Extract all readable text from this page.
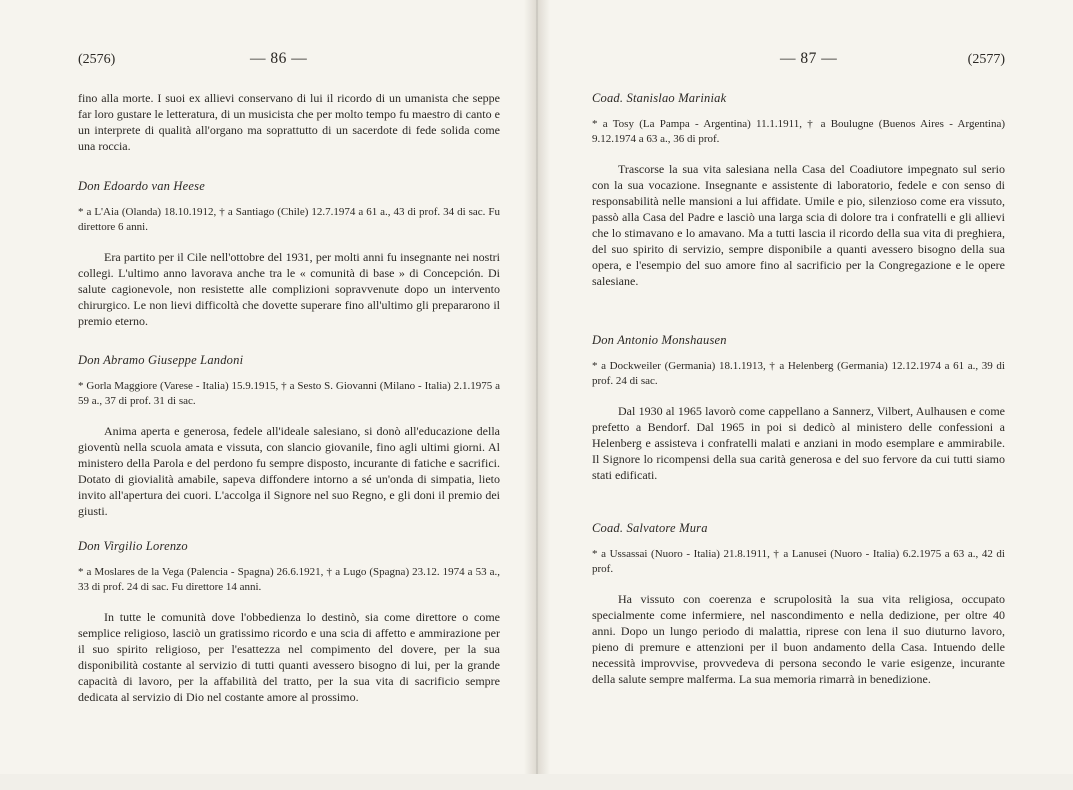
(2576)	— 86 —

fino alla morte. I suoi ex allievi conservano di lui il ricordo di un umanista che seppe far loro gustare le letteratura, di un musicista che per molto tempo fu maestro di canto e un interprete di qualità all'organo ma soprattutto di un sacerdote di fede solida come una roccia.

Don Edoardo van Heese

* a L'Aia (Olanda) 18.10.1912, † a Santiago (Chile) 12.7.1974 a 61 a., 43 di prof. 34 di sac. Fu direttore 6 anni.

Era partito per il Cile nell'ottobre del 1931, per molti anni fu insegnante nei nostri collegi. L'ultimo anno lavorava anche tra le « comunità di base » di Concepción. Di salute cagionevole, non resistette alle complizioni sopravvenute dopo un intervento chirurgico. Le non lievi difficoltà che dovette superare fino all'ultimo gli prepararono il premio eterno.

Don Abramo Giuseppe Landoni

* Gorla Maggiore (Varese - Italia) 15.9.1915, † a Sesto S. Giovanni (Milano - Italia) 2.1.1975 a 59 a., 37 di prof. 31 di sac.

Anima aperta e generosa, fedele all'ideale salesiano, si donò all'educazione della gioventù nella scuola amata e vissuta, con slancio giovanile, fino agli ultimi giorni. Al ministero della Parola e del perdono fu sempre disposto, incurante di fatiche e sacrifici. Dotato di giovialità amabile, sapeva diffondere intorno a sé un'onda di simpatia, lieto invito all'apertura dei cuori. L'accolga il Signore nel suo Regno, e gli doni il premio dei giusti.

Don Virgilio Lorenzo

* a Moslares de la Vega (Palencia - Spagna) 26.6.1921, † a Lugo (Spagna) 23.12. 1974 a 53 a., 33 di prof. 24 di sac. Fu direttore 14 anni.

In tutte le comunità dove l'obbedienza lo destinò, sia come direttore o come semplice religioso, lasciò un gratissimo ricordo e una scia di affetto e ammirazione per il suo spirito religioso, per l'esattezza nel compimento del dovere, per la sua disponibilità costante al servizio di tutti quanti avessero bisogno di lui, per la grande capacità di lavoro, per la affabilità del tratto, per la sua vita di sacrificio sempre dedicata al servizio di Dio nel costante amore al prossimo.

— 87 —	(2577)
Coad. Stanislao Mariniak

* a Tosy (La Pampa - Argentina) 11.1.1911, † a Boulugne (Buenos Aires - Argentina) 9.12.1974 a 63 a., 36 di prof.

Trascorse la sua vita salesiana nella Casa del Coadiutore impegnato sul serio con la sua vocazione. Insegnante e assistente di laboratorio, fedele e con senso di responsabilità nelle mansioni a lui affidate. Umile e pio, silenzioso come era vissuto, passò alla Casa del Padre e lasciò una larga scia di dolore tra i confratelli e gli allievi che lo stimavano e lo amavano. Ma a tutti lascia il ricordo della sua vita di preghiera, del suo spirito di servizio, sempre disponibile a quanti avessero bisogno della sua opera, e l'esempio del suo amore fino al sacrificio per la Congregazione e le opere salesiane.

Don Antonio Monshausen

* a Dockweiler (Germania) 18.1.1913, † a Helenberg (Germania) 12.12.1974 a 61 a., 39 di prof. 24 di sac.

Dal 1930 al 1965 lavorò come cappellano a Sannerz, Vilbert, Aulhausen e come prefetto a Bendorf. Dal 1965 in poi si dedicò al ministero delle confessioni a Helenberg e assisteva i confratelli malati e anziani in modo esemplare e ammirabile. Il Signore lo ricompensi della sua carità generosa e del suo fervore da cui tutti siamo stati edificati.

Coad. Salvatore Mura

* a Ussassai (Nuoro - Italia) 21.8.1911, † a Lanusei (Nuoro - Italia) 6.2.1975 a 63 a., 42 di prof.

Ha vissuto con coerenza e scrupolosità la sua vita religiosa, occupato specialmente come infermiere, nel nascondimento e nella dedizione, per oltre 40 anni. Dopo un lungo periodo di malattia, riprese con lena il suo diuturno lavoro, pieno di premure e attenzioni per il buon andamento della Casa. Intuendo delle necessità improvvise, provvedeva di persona secondo le varie esigenze, incurante della salute sempre malferma. La sua memoria rimarrà in benedizione.
